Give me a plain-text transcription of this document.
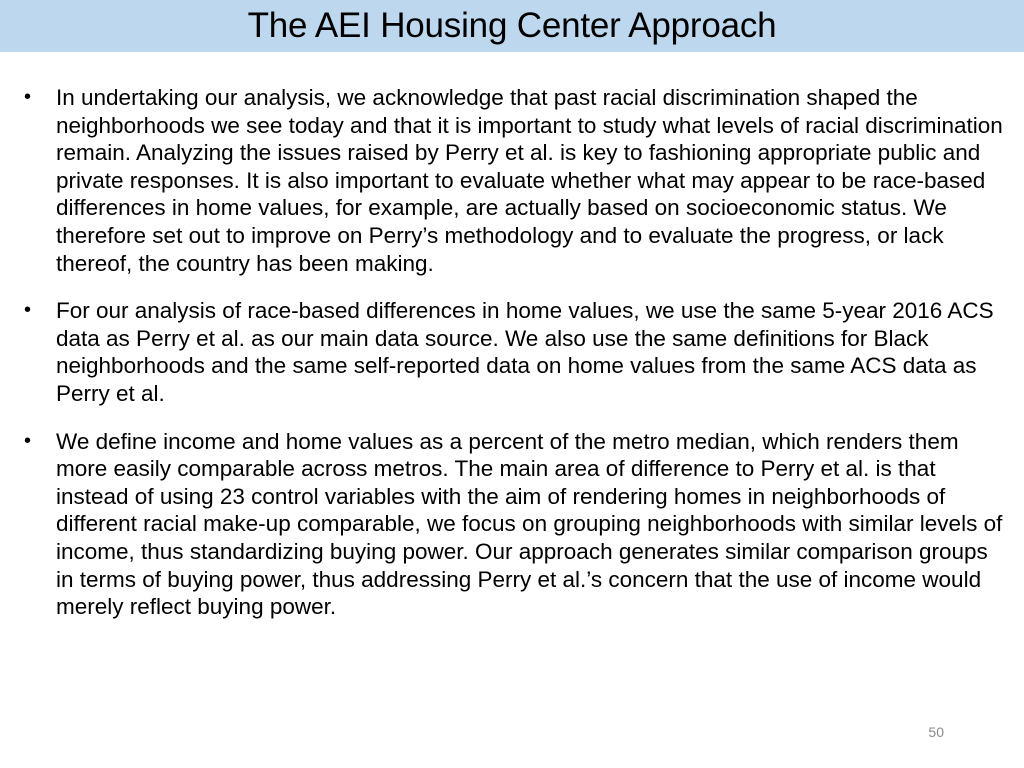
The AEI Housing Center Approach
• In undertaking our analysis, we acknowledge that past racial discrimination shaped the neighborhoods we see today and that it is important to study what levels of racial discrimination remain. Analyzing the issues raised by Perry et al. is key to fashioning appropriate public and private responses. It is also important to evaluate whether what may appear to be race-based differences in home values, for example, are actually based on socioeconomic status. We therefore set out to improve on Perry’s methodology and to evaluate the progress, or lack thereof, the country has been making.
• For our analysis of race-based differences in home values, we use the same 5-year 2016 ACS data as Perry et al. as our main data source. We also use the same definitions for Black neighborhoods and the same self-reported data on home values from the same ACS data as Perry et al.
• We define income and home values as a percent of the metro median, which renders them more easily comparable across metros. The main area of difference to Perry et al. is that instead of using 23 control variables with the aim of rendering homes in neighborhoods of different racial make-up comparable, we focus on grouping neighborhoods with similar levels of income, thus standardizing buying power. Our approach generates similar comparison groups in terms of buying power, thus addressing Perry et al.’s concern that the use of income would merely reflect buying power.
50
